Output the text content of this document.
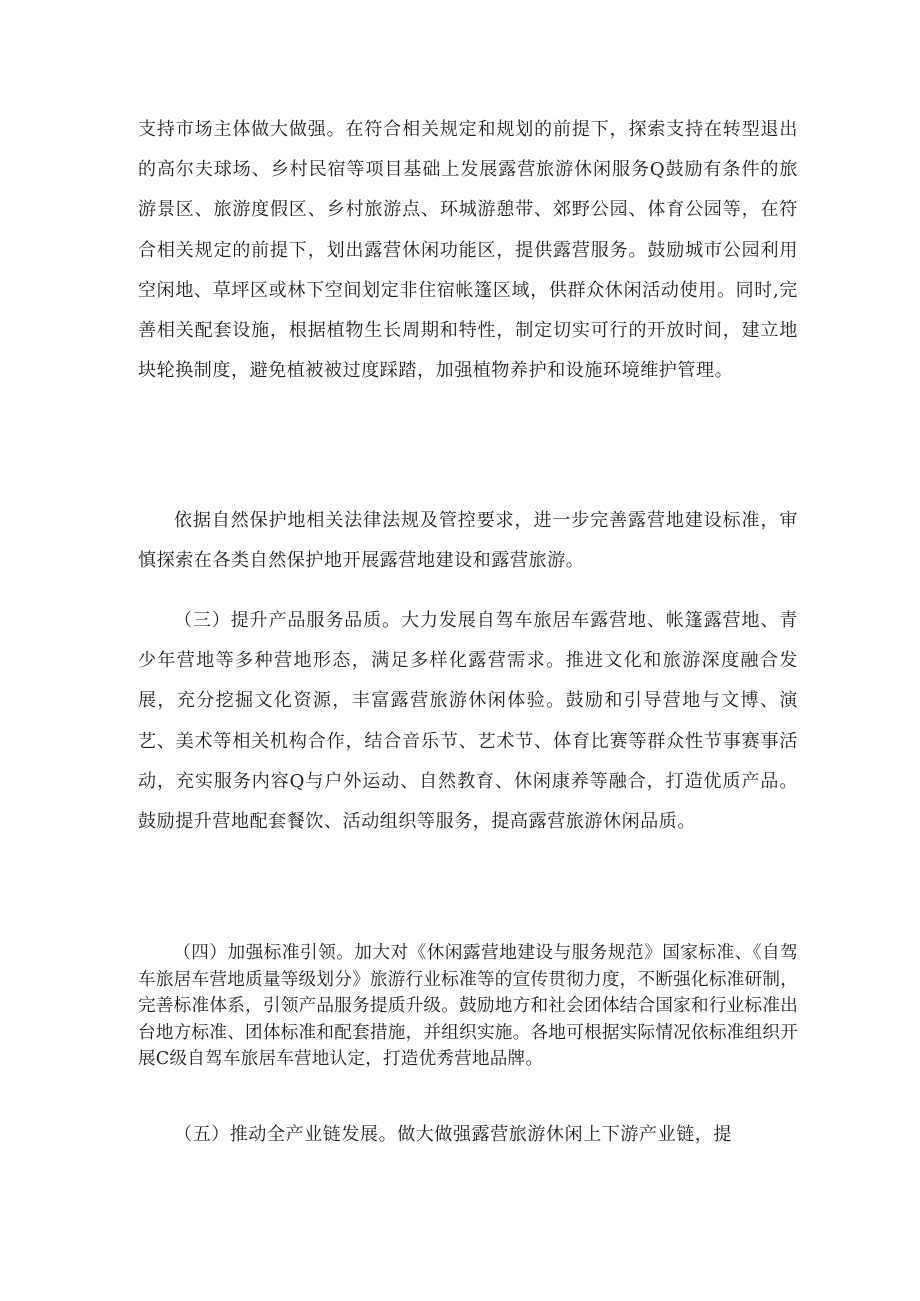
支持市场主体做大做强。在符合相关规定和规划的前提下，探索支持在转型退出的高尔夫球场、乡村民宿等项目基础上发展露营旅游休闲服务Q鼓励有条件的旅游景区、旅游度假区、乡村旅游点、环城游憩带、郊野公园、体育公园等，在符合相关规定的前提下，划出露营休闲功能区，提供露营服务。鼓励城市公园利用空闲地、草坪区或林下空间划定非住宿帐篷区域，供群众休闲活动使用。同时,完善相关配套设施，根据植物生长周期和特性，制定切实可行的开放时间，建立地块轮换制度，避免植被被过度踩踏，加强植物养护和设施环境维护管理。

依据自然保护地相关法律法规及管控要求，进一步完善露营地建设标准，审慎探索在各类自然保护地开展露营地建设和露营旅游。

（三）提升产品服务品质。大力发展自驾车旅居车露营地、帐篷露营地、青少年营地等多种营地形态，满足多样化露营需求。推进文化和旅游深度融合发展，充分挖掘文化资源，丰富露营旅游休闲体验。鼓励和引导营地与文博、演艺、美术等相关机构合作，结合音乐节、艺术节、体育比赛等群众性节事赛事活动，充实服务内容Q与户外运动、自然教育、休闲康养等融合，打造优质产品。鼓励提升营地配套餐饮、活动组织等服务，提高露营旅游休闲品质。

（四）加强标准引领。加大对《休闲露营地建设与服务规范》国家标准、《自驾车旅居车营地质量等级划分》旅游行业标准等的宣传贯彻力度，不断强化标准研制，完善标准体系，引领产品服务提质升级。鼓励地方和社会团体结合国家和行业标准出台地方标准、团体标准和配套措施，并组织实施。各地可根据实际情况依标准组织开展C级自驾车旅居车营地认定，打造优秀营地品牌。

（五）推动全产业链发展。做大做强露营旅游休闲上下游产业链，提
